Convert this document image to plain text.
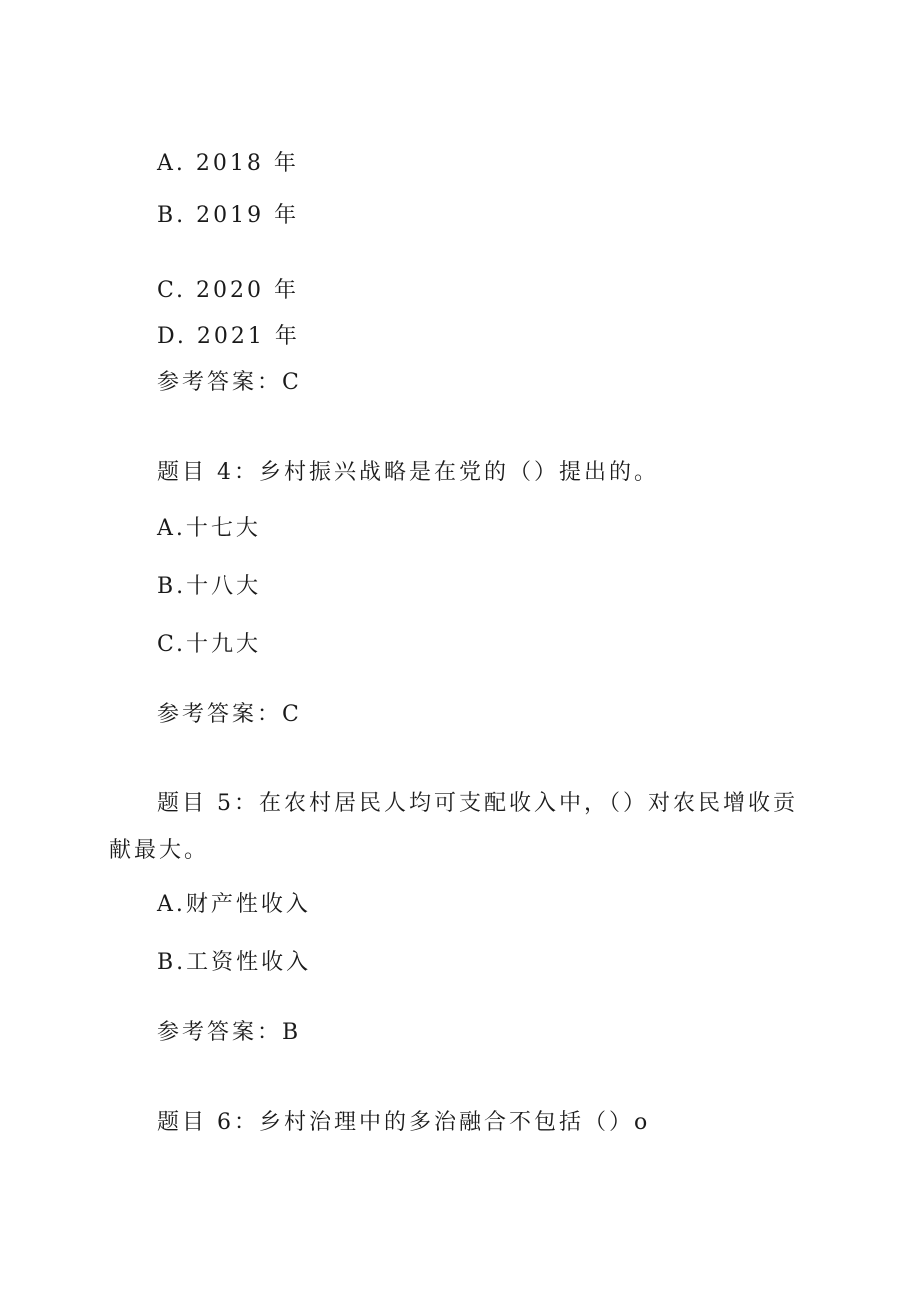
A. 2018 年
B. 2019 年
C. 2020 年
D. 2021 年
参考答案：C
题目 4：乡村振兴战略是在党的（）提出的。
A.十七大
B.十八大
C.十九大
参考答案：C
题目 5：在农村居民人均可支配收入中，（）对农民增收贡
献最大。
A.财产性收入
B.工资性收入
参考答案：B
题目 6：乡村治理中的多治融合不包括（）o
